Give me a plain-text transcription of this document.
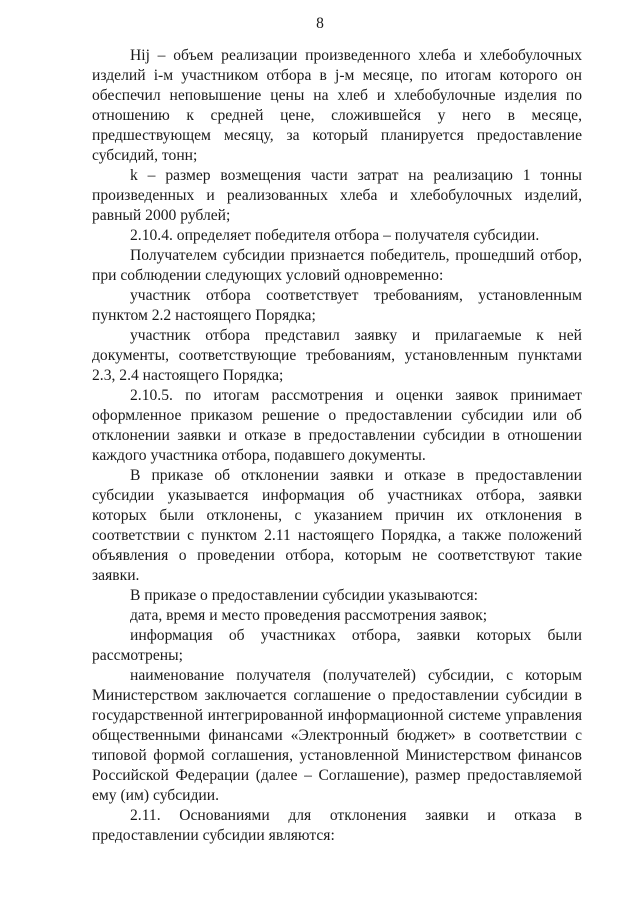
8

Hij – объем реализации произведенного хлеба и хлебобулочных изделий i-м участником отбора в j-м месяце, по итогам которого он обеспечил неповышение цены на хлеб и хлебобулочные изделия по отношению к средней цене, сложившейся у него в месяце, предшествующем месяцу, за который планируется предоставление субсидий, тонн;

k – размер возмещения части затрат на реализацию 1 тонны произведенных и реализованных хлеба и хлебобулочных изделий, равный 2000 рублей;

2.10.4. определяет победителя отбора – получателя субсидии.

Получателем субсидии признается победитель, прошедший отбор, при соблюдении следующих условий одновременно:

участник отбора соответствует требованиям, установленным пунктом 2.2 настоящего Порядка;

участник отбора представил заявку и прилагаемые к ней документы, соответствующие требованиям, установленным пунктами 2.3, 2.4 настоящего Порядка;

2.10.5. по итогам рассмотрения и оценки заявок принимает оформленное приказом решение о предоставлении субсидии или об отклонении заявки и отказе в предоставлении субсидии в отношении каждого участника отбора, подавшего документы.

В приказе об отклонении заявки и отказе в предоставлении субсидии указывается информация об участниках отбора, заявки которых были отклонены, с указанием причин их отклонения в соответствии с пунктом 2.11 настоящего Порядка, а также положений объявления о проведении отбора, которым не соответствуют такие заявки.

В приказе о предоставлении субсидии указываются:

дата, время и место проведения рассмотрения заявок;

информация об участниках отбора, заявки которых были рассмотрены;

наименование получателя (получателей) субсидии, с которым Министерством заключается соглашение о предоставлении субсидии в государственной интегрированной информационной системе управления общественными финансами «Электронный бюджет» в соответствии с типовой формой соглашения, установленной Министерством финансов Российской Федерации (далее – Соглашение), размер предоставляемой ему (им) субсидии.

2.11. Основаниями для отклонения заявки и отказа в предоставлении субсидии являются:
